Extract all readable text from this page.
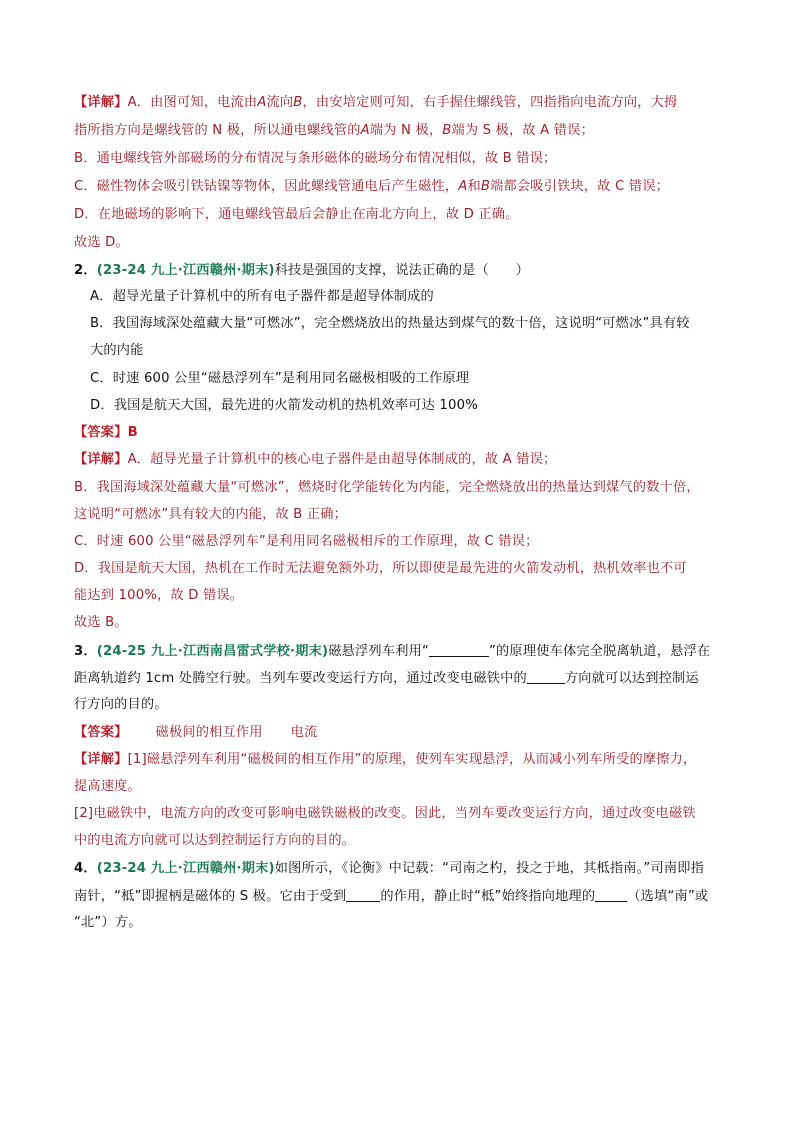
【详解】A．由图可知，电流由A流向B，由安培定则可知，右手握住螺线管，四指指向电流方向，大拇
指所指方向是螺线管的 N 极，所以通电螺线管的A端为 N 极，B端为 S 极，故 A 错误；
B．通电螺线管外部磁场的分布情况与条形磁体的磁场分布情况相似，故 B 错误；
C．磁性物体会吸引铁钴镍等物体，因此螺线管通电后产生磁性，A和B端都会吸引铁块，故 C 错误；
D．在地磁场的影响下，通电螺线管最后会静止在南北方向上，故 D 正确。
故选 D。
2．(23-24 九上·江西赣州·期末)科技是强国的支撑，说法正确的是（　　）
A．超导光量子计算机中的所有电子器件都是超导体制成的
B．我国海域深处蕴藏大量“可燃冰”，完全燃烧放出的热量达到煤气的数十倍，这说明“可燃冰”具有较
大的内能
C．时速 600 公里“磁悬浮列车”是利用同名磁极相吸的工作原理
D．我国是航天大国，最先进的火箭发动机的热机效率可达 100%
【答案】B
【详解】A．超导光量子计算机中的核心电子器件是由超导体制成的，故 A 错误；
B．我国海域深处蕴藏大量“可燃冰”，燃烧时化学能转化为内能，完全燃烧放出的热量达到煤气的数十倍，
这说明“可燃冰”具有较大的内能，故 B 正确；
C．时速 600 公里“磁悬浮列车”是利用同名磁极相斥的工作原理，故 C 错误；
D．我国是航天大国，热机在工作时无法避免额外功，所以即使是最先进的火箭发动机，热机效率也不可
能达到 100%，故 D 错误。
故选 B。
3．(24-25 九上·江西南昌雷式学校·期末)磁悬浮列车利用“	”的原理使车体完全脱离轨道，悬浮在
距离轨道约 1cm 处腾空行驶。当列车要改变运行方向，通过改变电磁铁中的	方向就可以达到控制运
行方向的目的。
【答案】 磁极间的相互作用 电流
【详解】[1]磁悬浮列车利用“磁极间的相互作用”的原理，使列车实现悬浮，从而减小列车所受的摩擦力，
提高速度。
[2]电磁铁中，电流方向的改变可影响电磁铁磁极的改变。因此，当列车要改变运行方向，通过改变电磁铁
中的电流方向就可以达到控制运行方向的目的。
4．(23-24 九上·江西赣州·期末)如图所示，《论衡》中记载：“司南之杓，投之于地，其柢指南。”司南即指
南针，“柢”即握柄是磁体的 S 极。它由于受到	的作用，静止时“柢”始终指向地理的 （选填“南”或
“北”）方。
